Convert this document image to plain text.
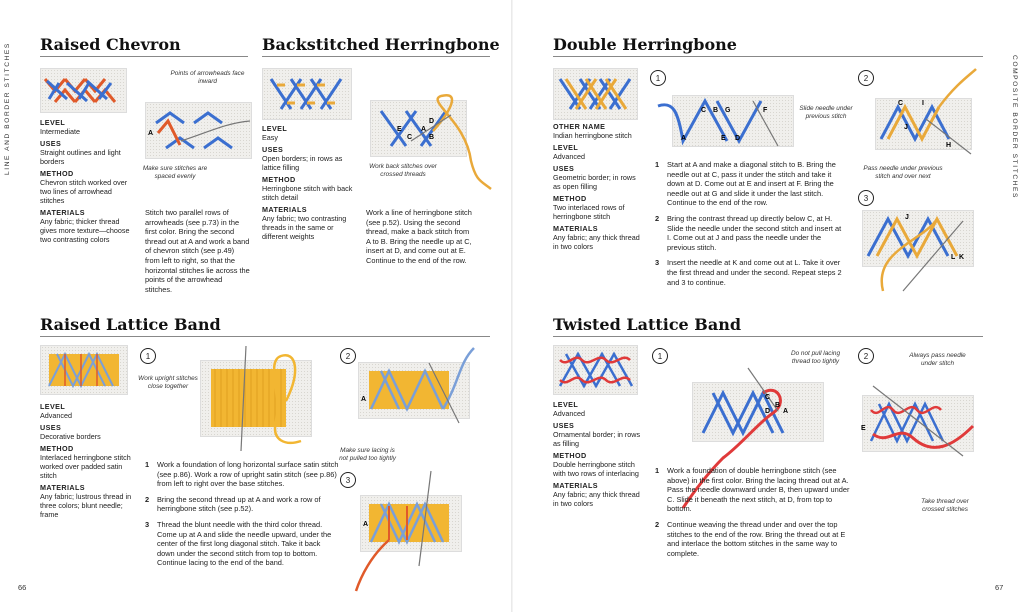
LINE AND BORDER STITCHES	COMPOSITE BORDER STITCHES
66	67
Raised Chevron
LEVEL
Intermediate
USES
Straight outlines and light borders
METHOD
Chevron stitch worked over two lines of arrowhead stitches
MATERIALS
Any fabric; thicker thread gives more texture—choose two contrasting colors
Points of arrowheads face inward
A
Make sure stitches are spaced evenly
Stitch two parallel rows of arrowheads (see p.73) in the first color. Bring the second thread out at A and work a band of chevron stitch (see p.49) from left to right, so that the horizontal stitches lie across the points of the arrowhead stitches.
Backstitched Herringbone
LEVEL
Easy
USES
Open borders; in rows as lattice filling
METHOD
Herringbone stitch with back stitch detail
MATERIALS
Any fabric; two contrasting threads in the same or different weights
E
C
A
D
B
Work back stitches over crossed threads
Work a line of herringbone stitch (see p.52). Using the second thread, make a back stitch from A to B. Bring the needle up at C, insert at D, and come out at E. Continue to the end of the row.
Double Herringbone
OTHER NAME
Indian herringbone stitch
LEVEL
Advanced
USES
Geometric border; in rows as open filling
METHOD
Two interlaced rows of herringbone stitch
MATERIALS
Any fabric; any thick thread in two colors
1
A
C B G
E D
F	Slide needle under previous stitch
1 Start at A and make a diagonal stitch to B. Bring the needle out at C, pass it under the stitch and take it down at D. Come out at E and insert at F. Bring the needle out at G and slide it under the last stitch. Continue to the end of the row.
2 Bring the contrast thread up directly below C, at H. Slide the needle under the second stitch and insert at I. Come out at J and pass the needle under the previous stitch.
3 Insert the needle at K and come out at L. Take it over the first thread and under the second. Repeat steps 2 and 3 to continue.
2
C	I
J
H
Pass needle under previous stitch and over next
3
J
L K
Raised Lattice Band
LEVEL
Advanced
USES
Decorative borders
METHOD
Interlaced herringbone stitch worked over padded satin stitch
MATERIALS
Any fabric; lustrous thread in three colors; blunt needle; frame
1
Work upright stitches close together
2
A
Make sure lacing is not pulled too tightly
3
A
1 Work a foundation of long horizontal surface satin stitch (see p.86). Work a row of upright satin stitch (see p.86) from left to right over the base stitches.
2 Bring the second thread up at A and work a row of herringbone stitch (see p.52).
3 Thread the blunt needle with the third color thread. Come up at A and slide the needle upward, under the center of the first long diagonal stitch. Take it back down under the second stitch from top to bottom. Continue lacing to the end of the band.
Twisted Lattice Band
LEVEL
Advanced
USES
Ornamental border; in rows as filling
METHOD
Double herringbone stitch with two rows of interlacing
MATERIALS
Any fabric; any thick thread in two colors
1	Do not pull lacing thread too tightly
C
B
A
D
2	Always pass needle under stitch
E
Take thread over crossed stitches
1 Work a foundation of double herringbone stitch (see above) in the first color. Bring the lacing thread out at A. Pass the needle downward under B, then upward under C. Slide it beneath the next stitch, at D, from top to bottom.
2 Continue weaving the thread under and over the top stitches to the end of the row. Bring the thread out at E and interlace the bottom stitches in the same way to complete.
